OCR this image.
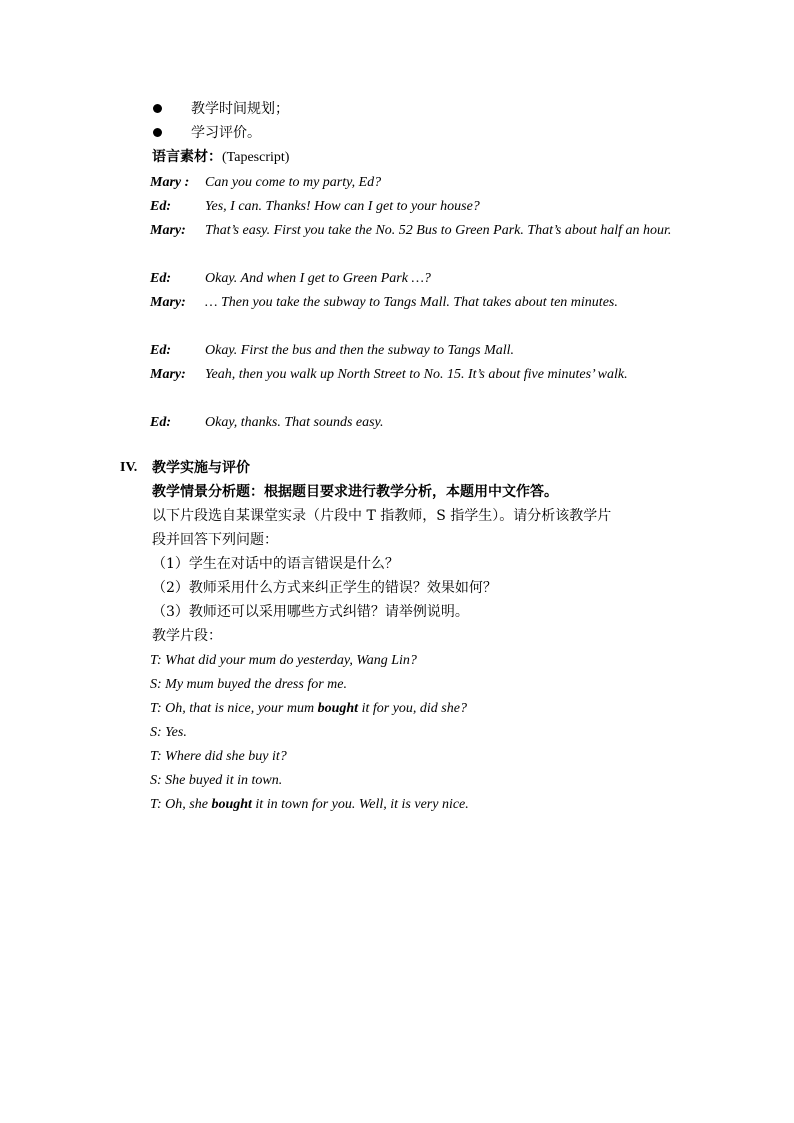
教学时间规划；
学习评价。
语言素材：(Tapescript)
Mary : Can you come to my party, Ed?
Ed: Yes, I can. Thanks! How can I get to your house?
Mary: That’s easy. First you take the No. 52 Bus to Green Park. That’s about half an hour.
Ed: Okay. And when I get to Green Park …?
Mary: … Then you take the subway to Tangs Mall. That takes about ten minutes.
Ed: Okay. First the bus and then the subway to Tangs Mall.
Mary: Yeah, then you walk up North Street to No. 15. It’s about five minutes’ walk.
Ed: Okay, thanks. That sounds easy.
IV. 教学实施与评价
教学情景分析题：根据题目要求进行教学分析，本题用中文作答。
以下片段选自某课堂实录（片段中 T 指教师，S 指学生）。请分析该教学片
段并回答下列问题：
（1）学生在对话中的语言错误是什么？
（2）教师采用什么方式来纠正学生的错误？效果如何？
（3）教师还可以采用哪些方式纠错？请举例说明。
教学片段：
T: What did your mum do yesterday, Wang Lin?
S: My mum buyed the dress for me.
T: Oh, that is nice, your mum bought it for you, did she?
S: Yes.
T: Where did she buy it?
S: She buyed it in town.
T: Oh, she bought it in town for you. Well, it is very nice.
